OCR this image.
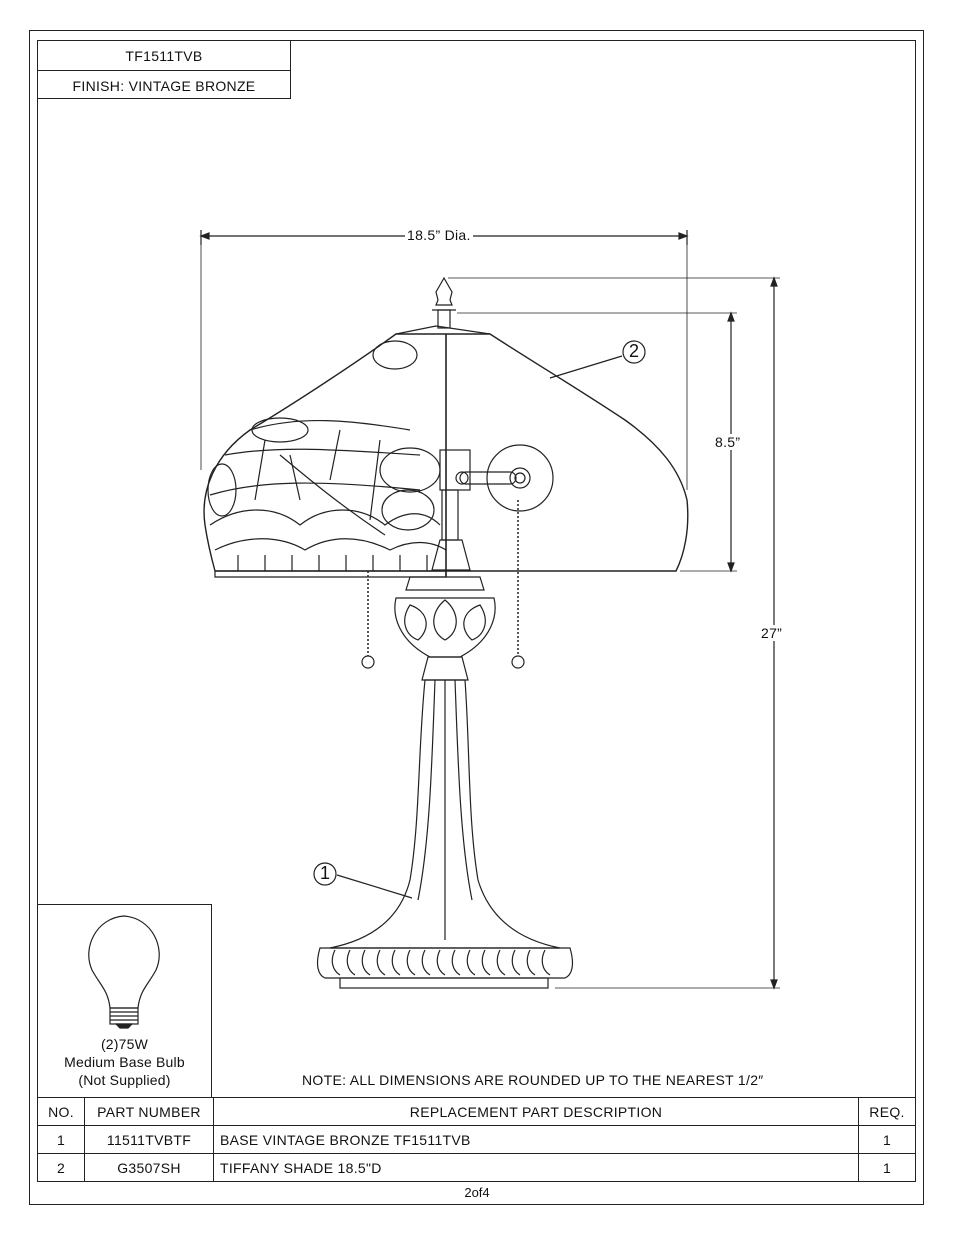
TF1511TVB
FINISH: VINTAGE BRONZE
18.5” Dia.
8.5”
27”
2
1
(2)75W
Medium Base Bulb
(Not Supplied)	NOTE: ALL DIMENSIONS ARE ROUNDED UP TO THE NEAREST 1/2″
NO.	PART NUMBER	REPLACEMENT PART DESCRIPTION	REQ.
1	11511TVBTF	BASE VINTAGE BRONZE TF1511TVB	1
2	G3507SH	TIFFANY SHADE 18.5"D	1
2of4
